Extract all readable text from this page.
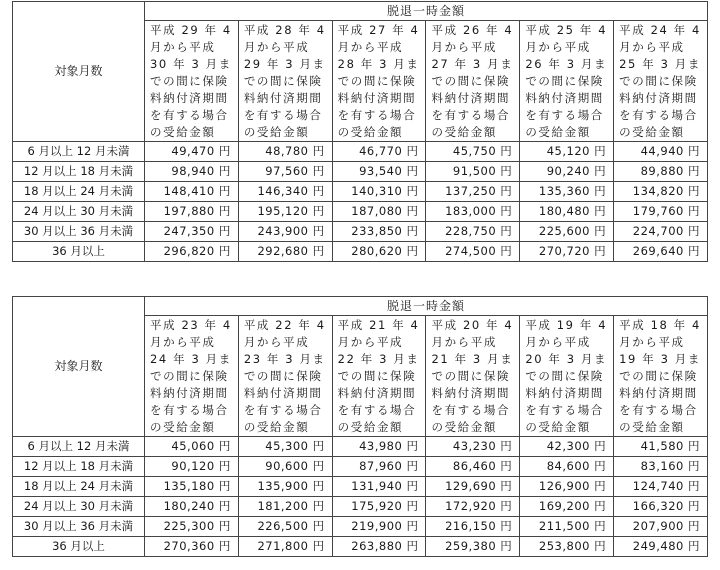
対象月数	脱退一時金額					
	平成 29 年 4 月から平成 30 年 3 月までの間に保険料納付済期間を有する場合の受給金額	平成 28 年 4 月から平成 29 年 3 月までの間に保険料納付済期間を有する場合の受給金額	平成 27 年 4 月から平成 28 年 3 月までの間に保険料納付済期間を有する場合の受給金額	平成 26 年 4 月から平成 27 年 3 月までの間に保険料納付済期間を有する場合の受給金額	平成 25 年 4 月から平成 26 年 3 月までの間に保険料納付済期間を有する場合の受給金額	平成 24 年 4 月から平成 25 年 3 月までの間に保険料納付済期間を有する場合の受給金額
6 月以上 12 月未満	49,470 円	48,780 円	46,770 円	45,750 円	45,120 円	44,940 円
12 月以上 18 月未満	98,940 円	97,560 円	93,540 円	91,500 円	90,240 円	89,880 円
18 月以上 24 月未満	148,410 円	146,340 円	140,310 円	137,250 円	135,360 円	134,820 円
24 月以上 30 月未満	197,880 円	195,120 円	187,080 円	183,000 円	180,480 円	179,760 円
30 月以上 36 月未満	247,350 円	243,900 円	233,850 円	228,750 円	225,600 円	224,700 円
36 月以上	296,820 円	292,680 円	280,620 円	274,500 円	270,720 円	269,640 円
対象月数	脱退一時金額					
	平成 23 年 4 月から平成 24 年 3 月までの間に保険料納付済期間を有する場合の受給金額	平成 22 年 4 月から平成 23 年 3 月までの間に保険料納付済期間を有する場合の受給金額	平成 21 年 4 月から平成 22 年 3 月までの間に保険料納付済期間を有する場合の受給金額	平成 20 年 4 月から平成 21 年 3 月までの間に保険料納付済期間を有する場合の受給金額	平成 19 年 4 月から平成 20 年 3 月までの間に保険料納付済期間を有する場合の受給金額	平成 18 年 4 月から平成 19 年 3 月までの間に保険料納付済期間を有する場合の受給金額
6 月以上 12 月未満	45,060 円	45,300 円	43,980 円	43,230 円	42,300 円	41,580 円
12 月以上 18 月未満	90,120 円	90,600 円	87,960 円	86,460 円	84,600 円	83,160 円
18 月以上 24 月未満	135,180 円	135,900 円	131,940 円	129,690 円	126,900 円	124,740 円
24 月以上 30 月未満	180,240 円	181,200 円	175,920 円	172,920 円	169,200 円	166,320 円
30 月以上 36 月未満	225,300 円	226,500 円	219,900 円	216,150 円	211,500 円	207,900 円
36 月以上	270,360 円	271,800 円	263,880 円	259,380 円	253,800 円	249,480 円
